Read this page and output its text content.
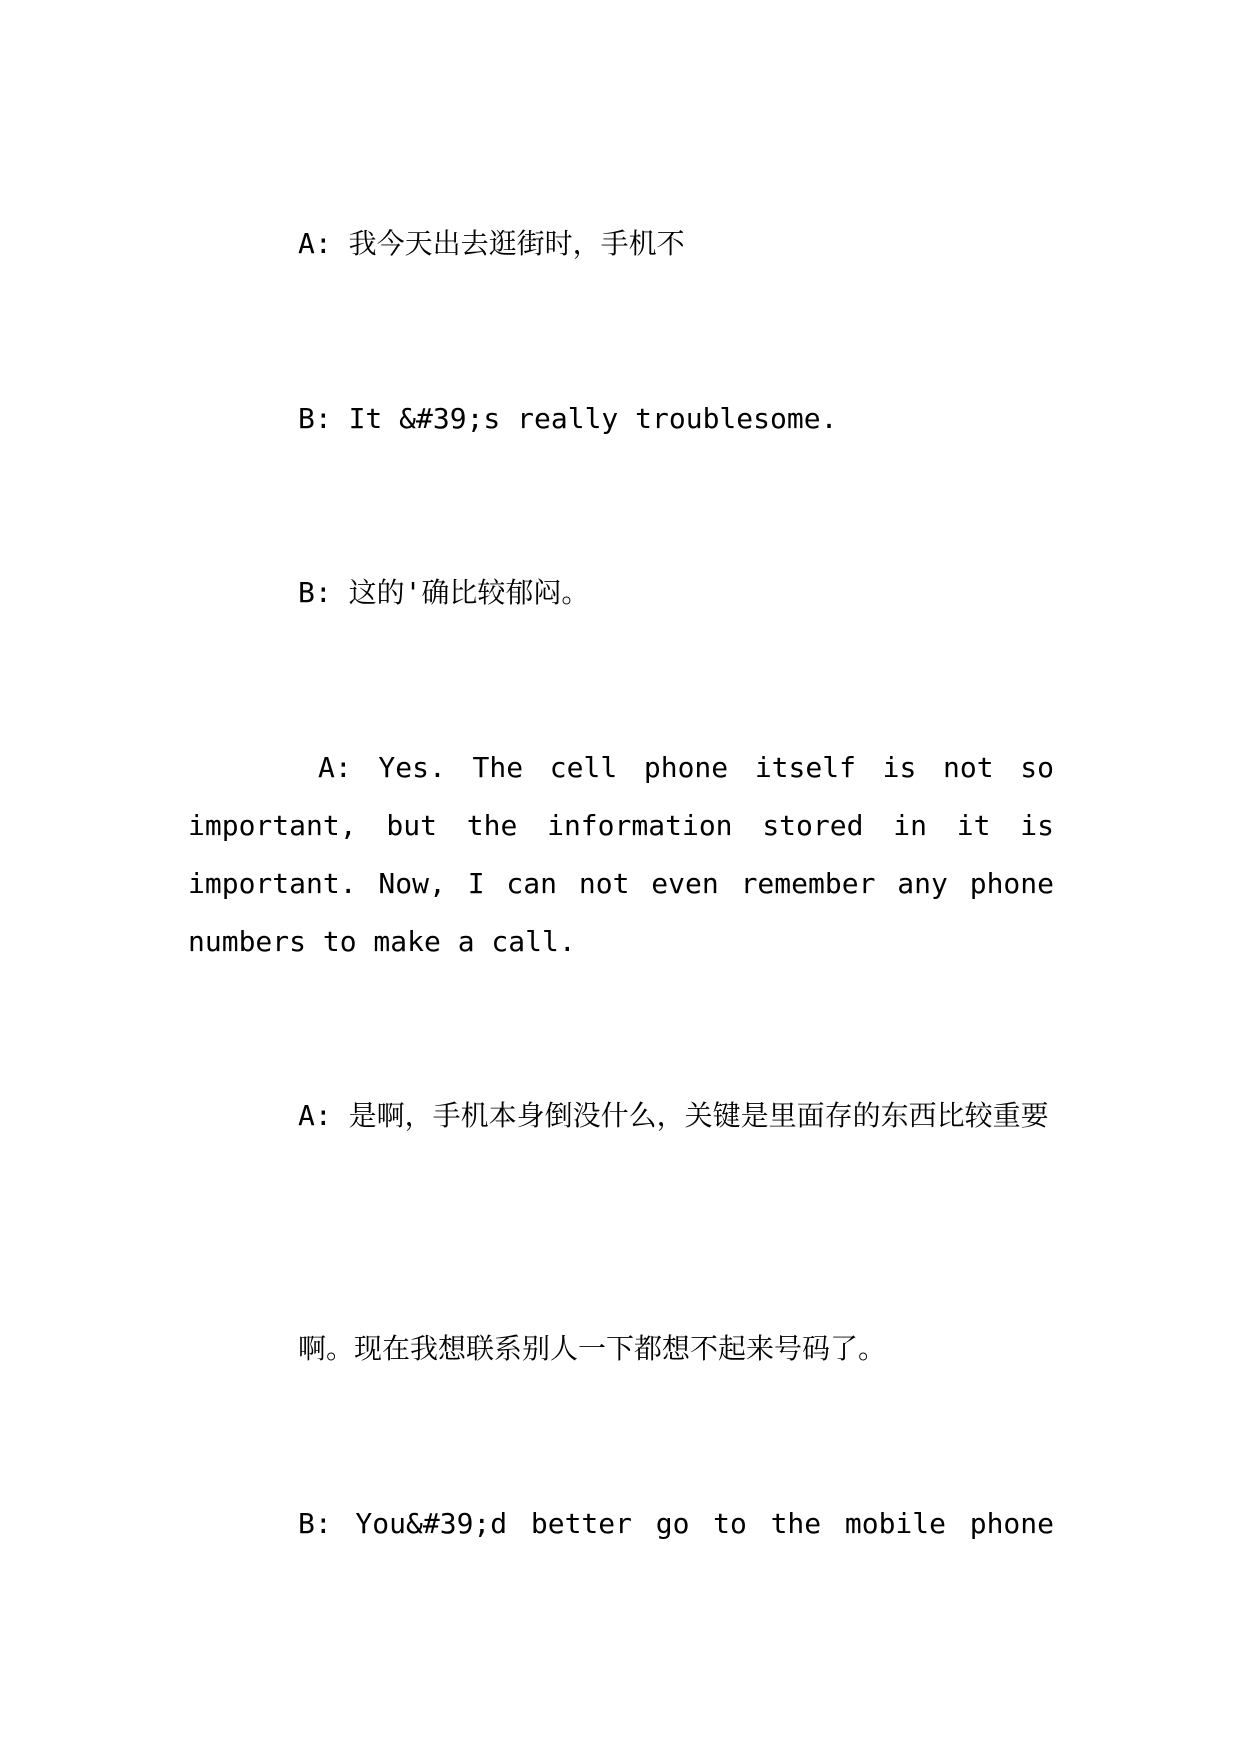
A: 我今天出去逛街时，手机不

B: It &#39;s really troublesome.

B: 这的'确比较郁闷。

A: Yes. The cell phone itself is not so important, but the information stored in it is important. Now, I can not even remember any phone numbers to make a call.

A: 是啊，手机本身倒没什么，关键是里面存的东西比较重要

啊。现在我想联系别人一下都想不起来号码了。

B: You&#39;d better go to the mobile phone
